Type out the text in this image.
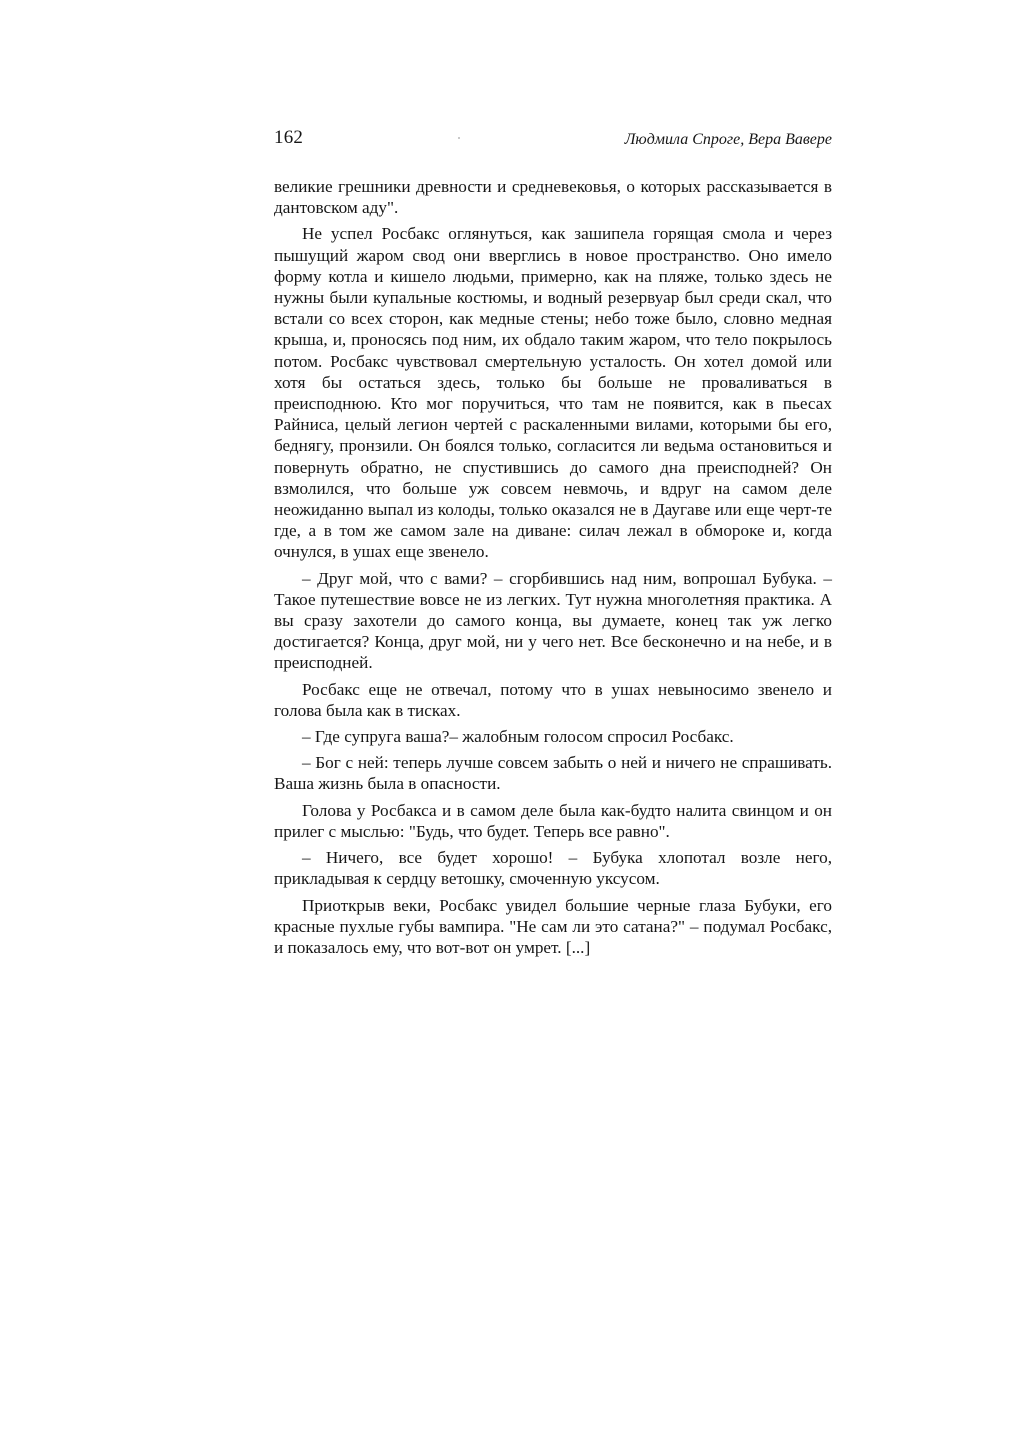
162	Людмила Спроге, Вера Вавере

великие грешники древности и средневековья, о которых рассказывается в дантовском аду".

Не успел Росбакс оглянуться, как зашипела горящая смола и через пышущий жаром свод они вверглись в новое пространство. Оно имело форму котла и кишело людьми, примерно, как на пляже, только здесь не нужны были купальные костюмы, и водный резервуар был среди скал, что встали со всех сторон, как медные стены; небо тоже было, словно медная крыша, и, проносясь под ним, их обдало таким жаром, что тело покрылось потом. Росбакс чувствовал смертельную усталость. Он хотел домой или хотя бы остаться здесь, только бы больше не проваливаться в преисподнюю. Кто мог поручиться, что там не появится, как в пьесах Райниса, целый легион чертей с раскаленными вилами, которыми бы его, беднягу, пронзили. Он боялся только, согласится ли ведьма остановиться и повернуть обратно, не спустившись до самого дна преисподней? Он взмолился, что больше уж совсем невмочь, и вдруг на самом деле неожиданно выпал из колоды, только оказался не в Даугаве или еще черт-те где, а в том же самом зале на диване: силач лежал в обмороке и, когда очнулся, в ушах еще звенело.

– Друг мой, что с вами? – сгорбившись над ним, вопрошал Бубука. – Такое путешествие вовсе не из легких. Тут нужна многолетняя практика. А вы сразу захотели до самого конца, вы думаете, конец так уж легко достигается? Конца, друг мой, ни у чего нет. Все бесконечно и на небе, и в преисподней.

Росбакс еще не отвечал, потому что в ушах невыносимо звенело и голова была как в тисках.

– Где супруга ваша?– жалобным голосом спросил Росбакс.

– Бог с ней: теперь лучше совсем забыть о ней и ничего не спрашивать. Ваша жизнь была в опасности.

Голова у Росбакса и в самом деле была как-будто налита свинцом и он прилег с мыслью: "Будь, что будет. Теперь все равно".

– Ничего, все будет хорошо! – Бубука хлопотал возле него, прикладывая к сердцу ветошку, смоченную уксусом.

Приоткрыв веки, Росбакс увидел большие черные глаза Бубуки, его красные пухлые губы вампира. "Не сам ли это сатана?" – подумал Росбакс, и показалось ему, что вот-вот он умрет. [...]
